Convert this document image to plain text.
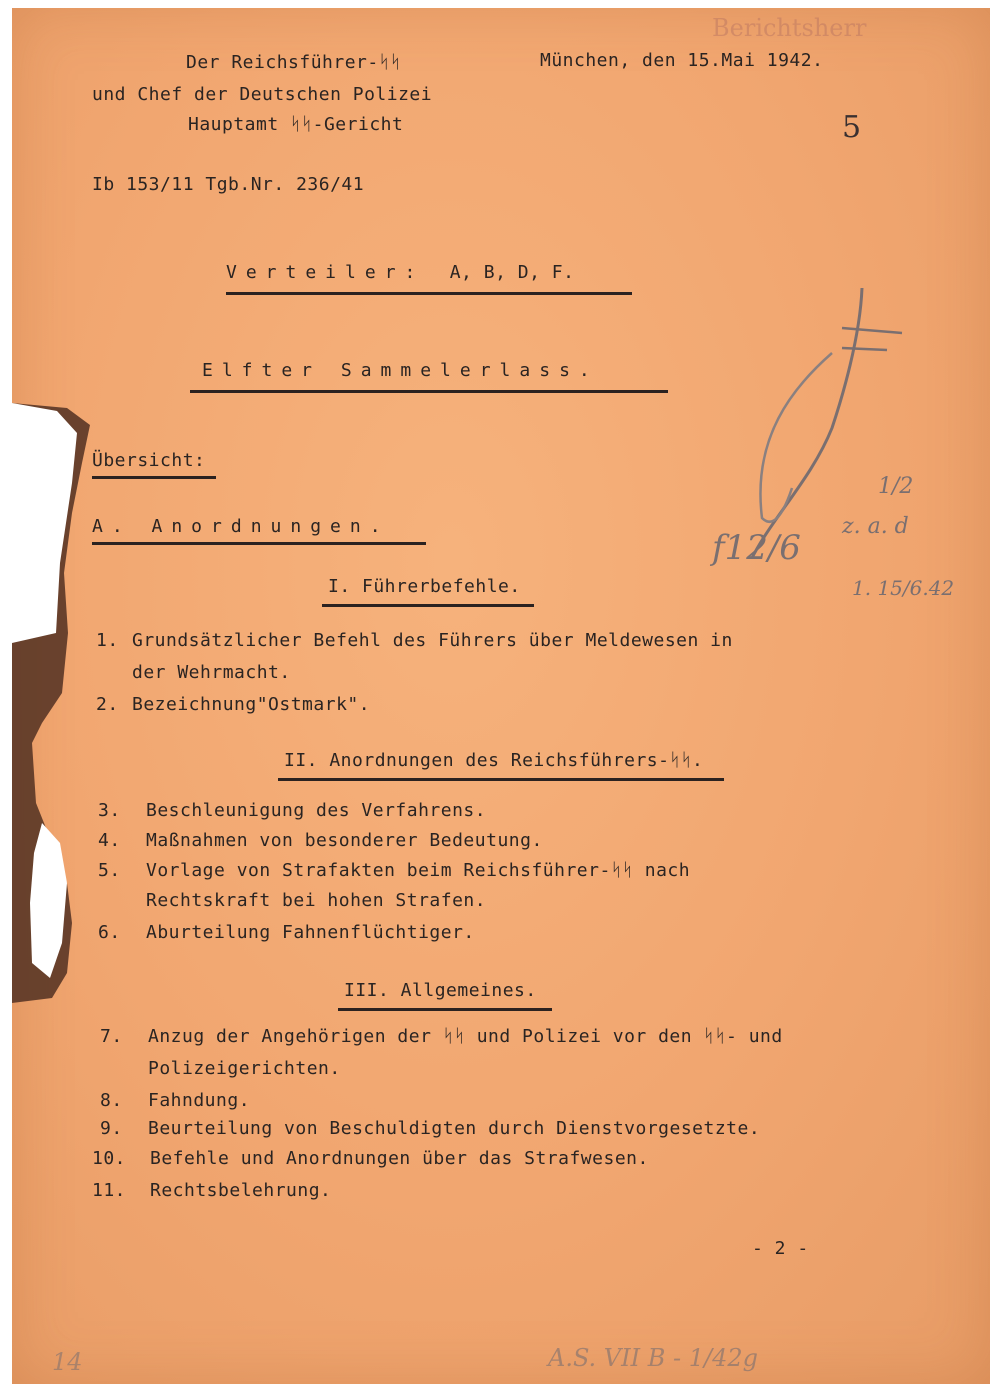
Berichtsherr
Der Reichsführer-ᛋᛋ
und Chef der Deutschen Polizei
Hauptamt ᛋᛋ-Gericht
München, den 15.Mai 1942.
5
Ib 153/11 Tgb.Nr. 236/41
Verteiler: A, B, D, F.
Elfter Sammelerlass.
Übersicht:
A. Anordnungen.
I. Führerbefehle.
1. Grundsätzlicher Befehl des Führers über Meldewesen in
der Wehrmacht.
2. Bezeichnung"Ostmark".
II. Anordnungen des Reichsführers-ᛋᛋ.
3. Beschleunigung des Verfahrens.
4. Maßnahmen von besonderer Bedeutung.
5. Vorlage von Strafakten beim Reichsführer-ᛋᛋ nach
Rechtskraft bei hohen Strafen.
6. Aburteilung Fahnenflüchtiger.
III. Allgemeines.
7. Anzug der Angehörigen der ᛋᛋ und Polizei vor den ᛋᛋ- und
Polizeigerichten.
8. Fahndung.
9. Beurteilung von Beschuldigten durch Dienstvorgesetzte.
10. Befehle und Anordnungen über das Strafwesen.
11. Rechtsbelehrung.
- 2 -
f12/6
1/2
z. a. d
1. 15/6.42
A.S. VII B - 1/42g
14
